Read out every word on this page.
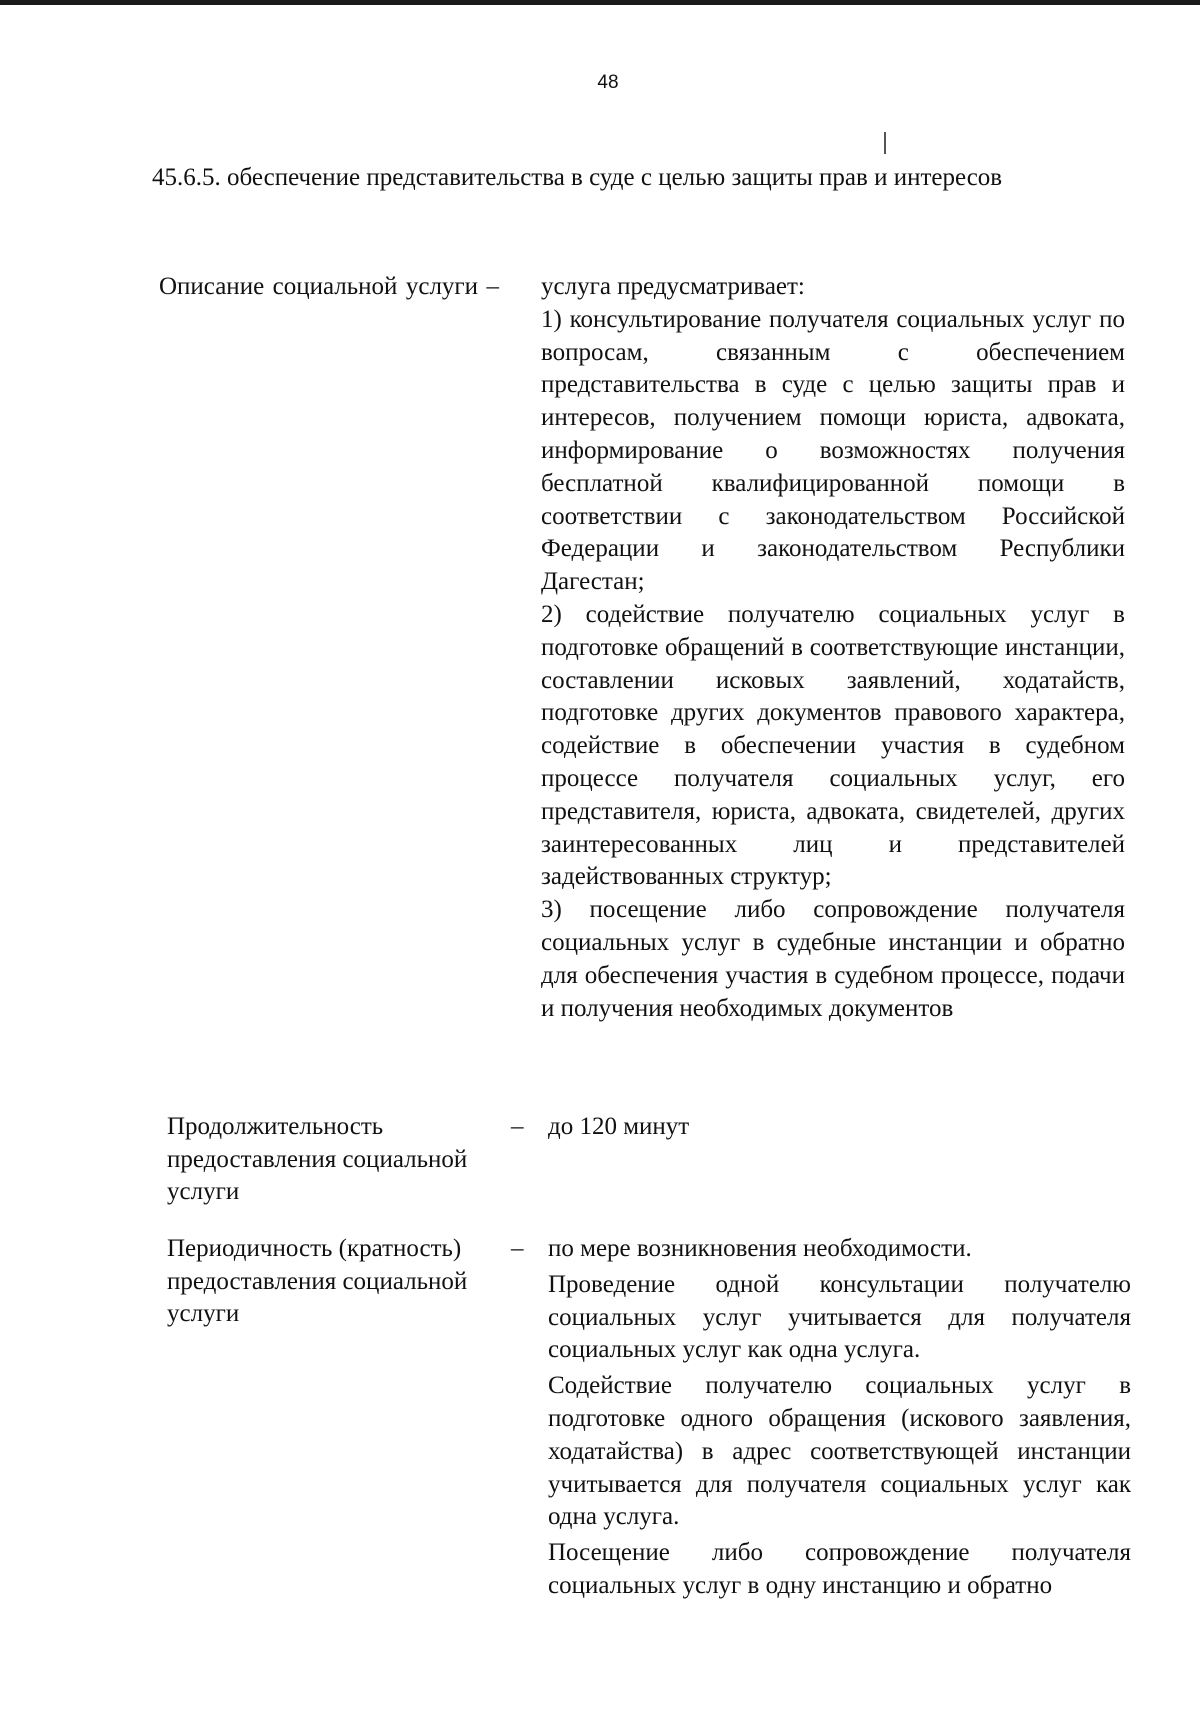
48
45.6.5. обеспечение представительства в суде с целью защиты прав и интересов
Описание социальной услуги – услуга предусматривает:

1) консультирование получателя социальных услуг по вопросам, связанным с обеспечением представительства в суде с целью защиты прав и интересов, получением помощи юриста, адвоката, информирование о возможностях получения бесплатной квалифицированной помощи в соответствии с законодательством Российской Федерации и законодательством Республики Дагестан;

2) содействие получателю социальных услуг в подготовке обращений в соответствующие инстанции, составлении исковых заявлений, ходатайств, подготовке других документов правового характера, содействие в обеспечении участия в судебном процессе получателя социальных услуг, его представителя, юриста, адвоката, свидетелей, других заинтересованных лиц и представителей задействованных структур;

3) посещение либо сопровождение получателя социальных услуг в судебные инстанции и обратно для обеспечения участия в судебном процессе, подачи и получения необходимых документов

Продолжительность предоставления социальной услуги
– до 120 минут

Периодичность (кратность) предоставления социальной услуги
– по мере возникновения необходимости.

Проведение одной консультации получателю социальных услуг учитывается для получателя социальных услуг как одна услуга.

Содействие получателю социальных услуг в подготовке одного обращения (искового заявления, ходатайства) в адрес соответствующей инстанции учитывается для получателя социальных услуг как одна услуга.

Посещение либо сопровождение получателя социальных услуг в одну инстанцию и обратно
